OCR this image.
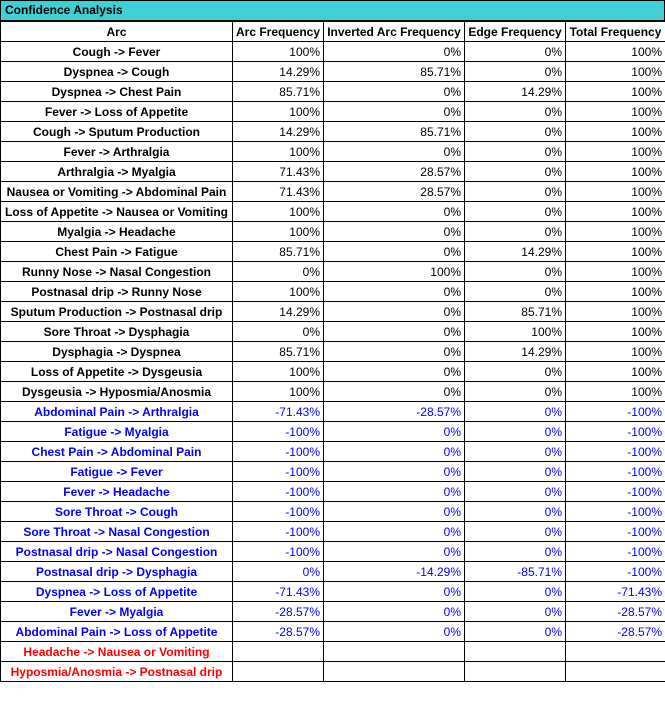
Confidence Analysis
Arc	Arc Frequency	Inverted Arc Frequency	Edge Frequency	Total Frequency
Cough -> Fever	100%	0%	0%	100%
Dyspnea -> Cough	14.29%	85.71%	0%	100%
Dyspnea -> Chest Pain	85.71%	0%	14.29%	100%
Fever -> Loss of Appetite	100%	0%	0%	100%
Cough -> Sputum Production	14.29%	85.71%	0%	100%
Fever -> Arthralgia	100%	0%	0%	100%
Arthralgia -> Myalgia	71.43%	28.57%	0%	100%
Nausea or Vomiting -> Abdominal Pain	71.43%	28.57%	0%	100%
Loss of Appetite -> Nausea or Vomiting	100%	0%	0%	100%
Myalgia -> Headache	100%	0%	0%	100%
Chest Pain -> Fatigue	85.71%	0%	14.29%	100%
Runny Nose -> Nasal Congestion	0%	100%	0%	100%
Postnasal drip -> Runny Nose	100%	0%	0%	100%
Sputum Production -> Postnasal drip	14.29%	0%	85.71%	100%
Sore Throat -> Dysphagia	0%	0%	100%	100%
Dysphagia -> Dyspnea	85.71%	0%	14.29%	100%
Loss of Appetite -> Dysgeusia	100%	0%	0%	100%
Dysgeusia -> Hyposmia/Anosmia	100%	0%	0%	100%
Abdominal Pain -> Arthralgia	-71.43%	-28.57%	0%	-100%
Fatigue -> Myalgia	-100%	0%	0%	-100%
Chest Pain -> Abdominal Pain	-100%	0%	0%	-100%
Fatigue -> Fever	-100%	0%	0%	-100%
Fever -> Headache	-100%	0%	0%	-100%
Sore Throat -> Cough	-100%	0%	0%	-100%
Sore Throat -> Nasal Congestion	-100%	0%	0%	-100%
Postnasal drip -> Nasal Congestion	-100%	0%	0%	-100%
Postnasal drip -> Dysphagia	0%	-14.29%	-85.71%	-100%
Dyspnea -> Loss of Appetite	-71.43%	0%	0%	-71.43%
Fever -> Myalgia	-28.57%	0%	0%	-28.57%
Abdominal Pain -> Loss of Appetite	-28.57%	0%	0%	-28.57%
Headache -> Nausea or Vomiting				
Hyposmia/Anosmia -> Postnasal drip				
